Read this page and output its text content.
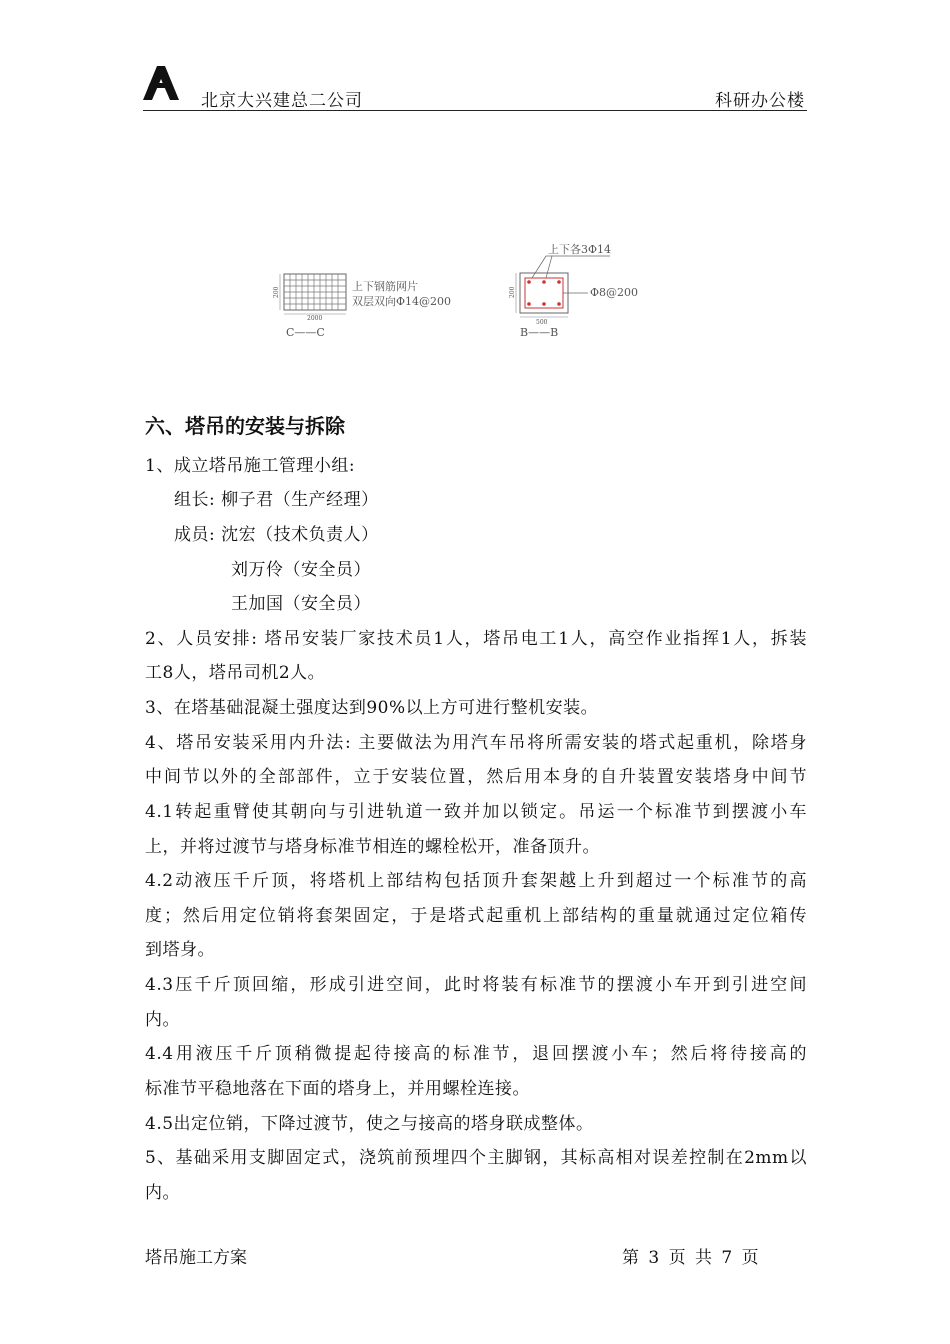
北京大兴建总二公司	科研办公楼
200
2000
上下钢筋网片
双层双向Φ14@200
C——C
上下各3Φ14
Φ8@200
200
500
B——B
六、塔吊的安装与拆除
1、成立塔吊施工管理小组:
组长: 柳子君（生产经理）
成员: 沈宏（技术负责人）
刘万伶（安全员）
王加国（安全员）
2、人员安排: 塔吊安装厂家技术员1人，塔吊电工1人，高空作业指挥1人，拆装
工8人，塔吊司机2人。
3、在塔基础混凝土强度达到90%以上方可进行整机安装。
4、塔吊安装采用内升法: 主要做法为用汽车吊将所需安装的塔式起重机，除塔身
中间节以外的全部部件，立于安装位置，然后用本身的自升装置安装塔身中间节
4.1转起重臂使其朝向与引进轨道一致并加以锁定。吊运一个标准节到摆渡小车
上，并将过渡节与塔身标准节相连的螺栓松开，准备顶升。
4.2动液压千斤顶，将塔机上部结构包括顶升套架越上升到超过一个标准节的高
度；然后用定位销将套架固定，于是塔式起重机上部结构的重量就通过定位箱传
到塔身。
4.3压千斤顶回缩，形成引进空间，此时将装有标准节的摆渡小车开到引进空间
内。
4.4用液压千斤顶稍微提起待接高的标准节，退回摆渡小车；然后将待接高的
标准节平稳地落在下面的塔身上，并用螺栓连接。
4.5出定位销，下降过渡节，使之与接高的塔身联成整体。
5、基础采用支脚固定式，浇筑前预埋四个主脚钢，其标高相对误差控制在2mm以
内。
塔吊施工方案	第 3 页 共 7 页
